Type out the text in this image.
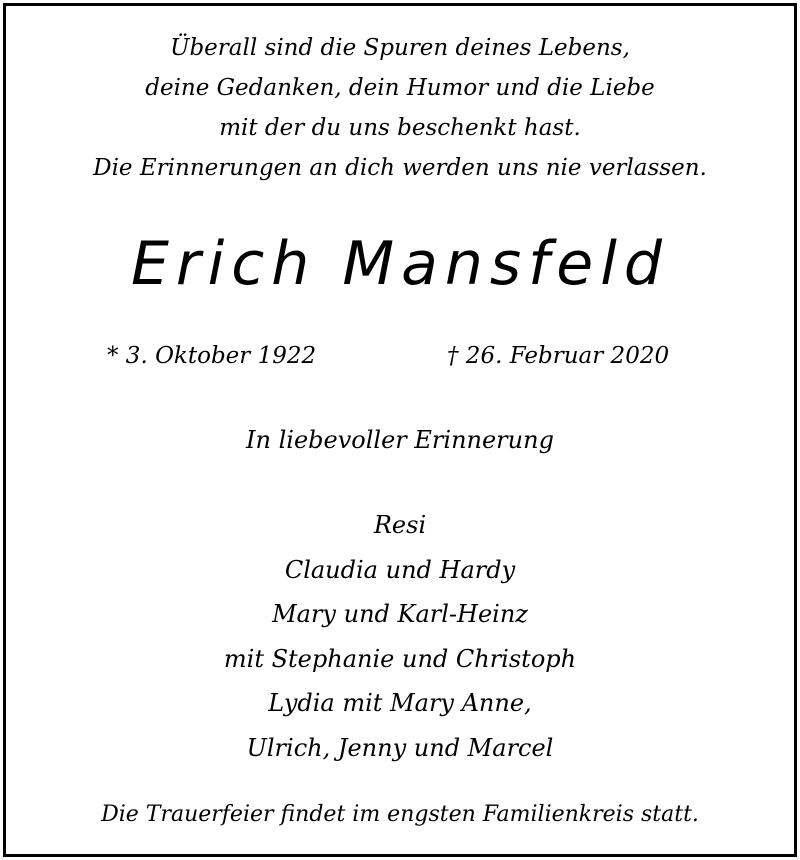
Überall sind die Spuren deines Lebens,
deine Gedanken, dein Humor und die Liebe
mit der du uns beschenkt hast.
Die Erinnerungen an dich werden uns nie verlassen.
Erich Mansfeld
* 3. Oktober 1922	† 26. Februar 2020
In liebevoller Erinnerung
Resi
Claudia und Hardy
Mary und Karl-Heinz
mit Stephanie und Christoph
Lydia mit Mary Anne,
Ulrich, Jenny und Marcel
Die Trauerfeier findet im engsten Familienkreis statt.
